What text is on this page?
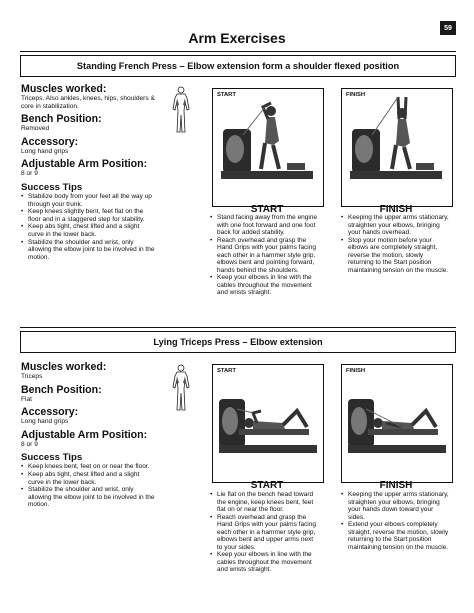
Arm Exercises
59
Standing French Press – Elbow extension form a shoulder flexed position

Muscles worked:

Triceps. Also ankles, knees, hips, shoulders & core in stabilization.

Bench Position:

Removed

Accessory:

Long hand grips

Adjustable Arm Position:

8 or 9

Success Tips

• Stabilize body from your feet all the way up through your trunk.
• Keep knees slightly bent, feet flat on the floor and in a staggered step for stability.
• Keep abs tight, chest lifted and a slight curve in the lower back.
• Stabilize the shoulder and wrist, only allowing the elbow joint to be involved in the motion.
START	FINISH
START	FINISH
• Stand facing away from the engine with one foot forward and one foot back for added stability.
• Reach overhead and grasp the Hand Grips with your palms facing each other in a hammer style grip, elbows bent and pointing forward, hands behind the shoulders.
• Keep your elbows in line with the cables throughout the movement and wrists straight.
• Keeping the upper arms stationary, straighten your elbows, bringing your hands overhead.
• Stop your motion before your elbows are completely straight, reverse the motion, slowly returning to the Start position maintaining tension on the muscle.
Lying Triceps Press – Elbow extension

Muscles worked:

Triceps

Bench Position:

Flat

Accessory:

Long hand grips

Adjustable Arm Position:

8 or 9

Success Tips

• Keep knees bent, feet on or near the floor.
• Keep abs tight, chest lifted and a slight curve in the lower back.
• Stabilize the shoulder and wrist, only allowing the elbow joint to be involved in the motion.
START	FINISH
START	FINISH
• Lie flat on the bench head toward the engine, keep knees bent, feet flat on or near the floor.
• Reach overhead and grasp the Hand Grips with your palms facing each other in a hammer style grip, elbows bent and upper arms next to your sides.
• Keep your elbows in line with the cables throughout the movement and wrists straight.
• Keeping the upper arms stationary, straighten your elbows, bringing your hands down toward your sides.
• Extend your elbows completely straight, reverse the motion, slowly returning to the Start position maintaining tension on the muscle.
